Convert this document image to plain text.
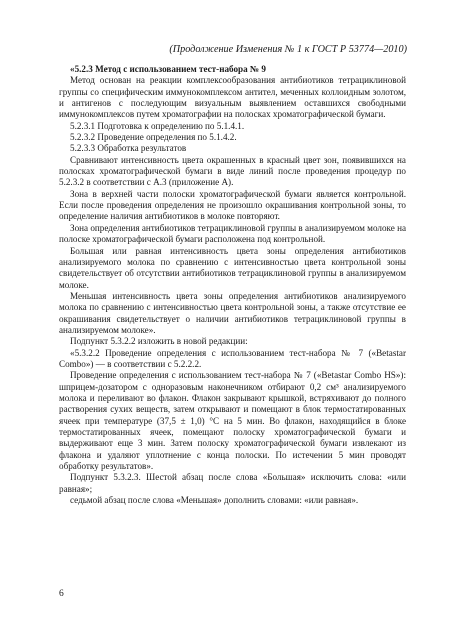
(Продолжение Изменения № 1 к ГОСТ Р 53774—2010)

«5.2.3 Метод с использованием тест-набора № 9

Метод основан на реакции комплексообразования антибиотиков тетрациклиновой группы со специфическим иммунокомплексом антител, меченных коллоидным золотом, и антигенов с последующим визуальным выявлением оставшихся свободными иммунокомплексов путем хроматографии на полосках хроматографической бумаги.

5.2.3.1 Подготовка к определению по 5.1.4.1.

5.2.3.2 Проведение определения по 5.1.4.2.

5.2.3.3 Обработка результатов

Сравнивают интенсивность цвета окрашенных в красный цвет зон, появившихся на полосках хроматографической бумаги в виде линий после проведения процедур по 5.2.3.2 в соответствии с А.3 (приложение А).

Зона в верхней части полоски хроматографической бумаги является контрольной. Если после проведения определения не произошло окрашивания контрольной зоны, то определение наличия антибиотиков в молоке повторяют.

Зона определения антибиотиков тетрациклиновой группы в анализируемом молоке на полоске хроматографической бумаги расположена под контрольной.

Большая или равная интенсивность цвета зоны определения антибиотиков анализируемого молока по сравнению с интенсивностью цвета контрольной зоны свидетельствует об отсутствии антибиотиков тетрациклиновой группы в анализируемом молоке.

Меньшая интенсивность цвета зоны определения антибиотиков анализируемого молока по сравнению с интенсивностью цвета контрольной зоны, а также отсутствие ее окрашивания свидетельствует о наличии антибиотиков тетрациклиновой группы в анализируемом молоке».

Подпункт 5.3.2.2 изложить в новой редакции:

«5.3.2.2 Проведение определения с использованием тест-набора № 7 («Betastar Combo») — в соответствии с 5.2.2.2.

Проведение определения с использованием тест-набора № 7 («Betastar Combo HS»): шприцем-дозатором с одноразовым наконечником отбирают 0,2 см³ анализируемого молока и переливают во флакон. Флакон закрывают крышкой, встряхивают до полного растворения сухих веществ, затем открывают и помещают в блок термостатированных ячеек при температуре (37,5 ± 1,0) °С на 5 мин. Во флакон, находящийся в блоке термостатированных ячеек, помещают полоску хроматографической бумаги и выдерживают еще 3 мин. Затем полоску хроматографической бумаги извлекают из флакона и удаляют уплотнение с конца полоски. По истечении 5 мин проводят обработку результатов».

Подпункт 5.3.2.3. Шестой абзац после слова «Большая» исключить слова: «или равная»;

седьмой абзац после слова «Меньшая» дополнить словами: «или равная».

6
